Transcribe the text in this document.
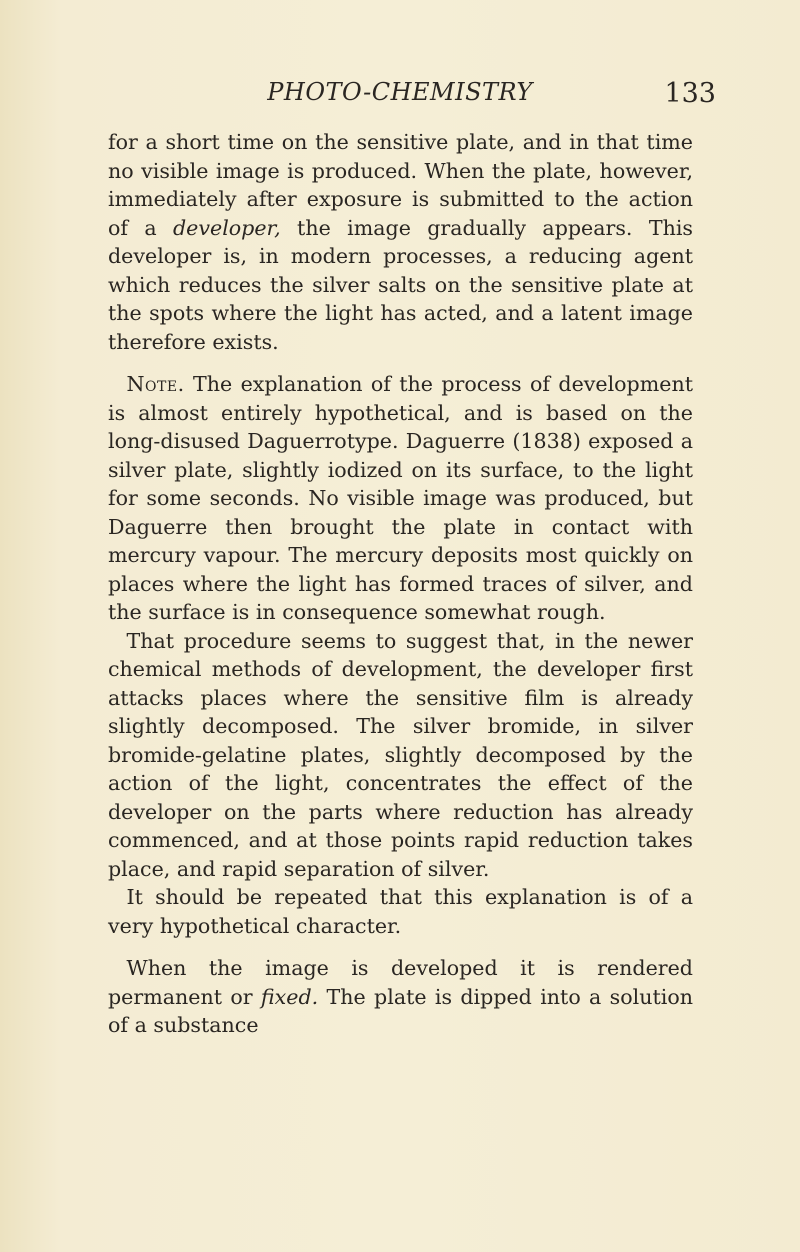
PHOTO-CHEMISTRY	133

for a short time on the sensitive plate, and in that time no visible image is produced. When the plate, however, immediately after exposure is submitted to the action of a developer, the image gradually appears. This developer is, in modern processes, a reducing agent which reduces the silver salts on the sensitive plate at the spots where the light has acted, and a latent image therefore exists.

Note. The explanation of the process of development is almost entirely hypothetical, and is based on the long-disused Daguerrotype. Daguerre (1838) exposed a silver plate, slightly iodized on its surface, to the light for some seconds. No visible image was produced, but Daguerre then brought the plate in contact with mercury vapour. The mercury deposits most quickly on places where the light has formed traces of silver, and the surface is in consequence somewhat rough.

That procedure seems to suggest that, in the newer chemical methods of development, the developer first attacks places where the sensitive film is already slightly decomposed. The silver bromide, in silver bromide-gelatine plates, slightly decomposed by the action of the light, concentrates the effect of the developer on the parts where reduction has already commenced, and at those points rapid reduction takes place, and rapid separation of silver.

It should be repeated that this explanation is of a very hypothetical character.

When the image is developed it is rendered permanent or fixed. The plate is dipped into a solution of a substance
